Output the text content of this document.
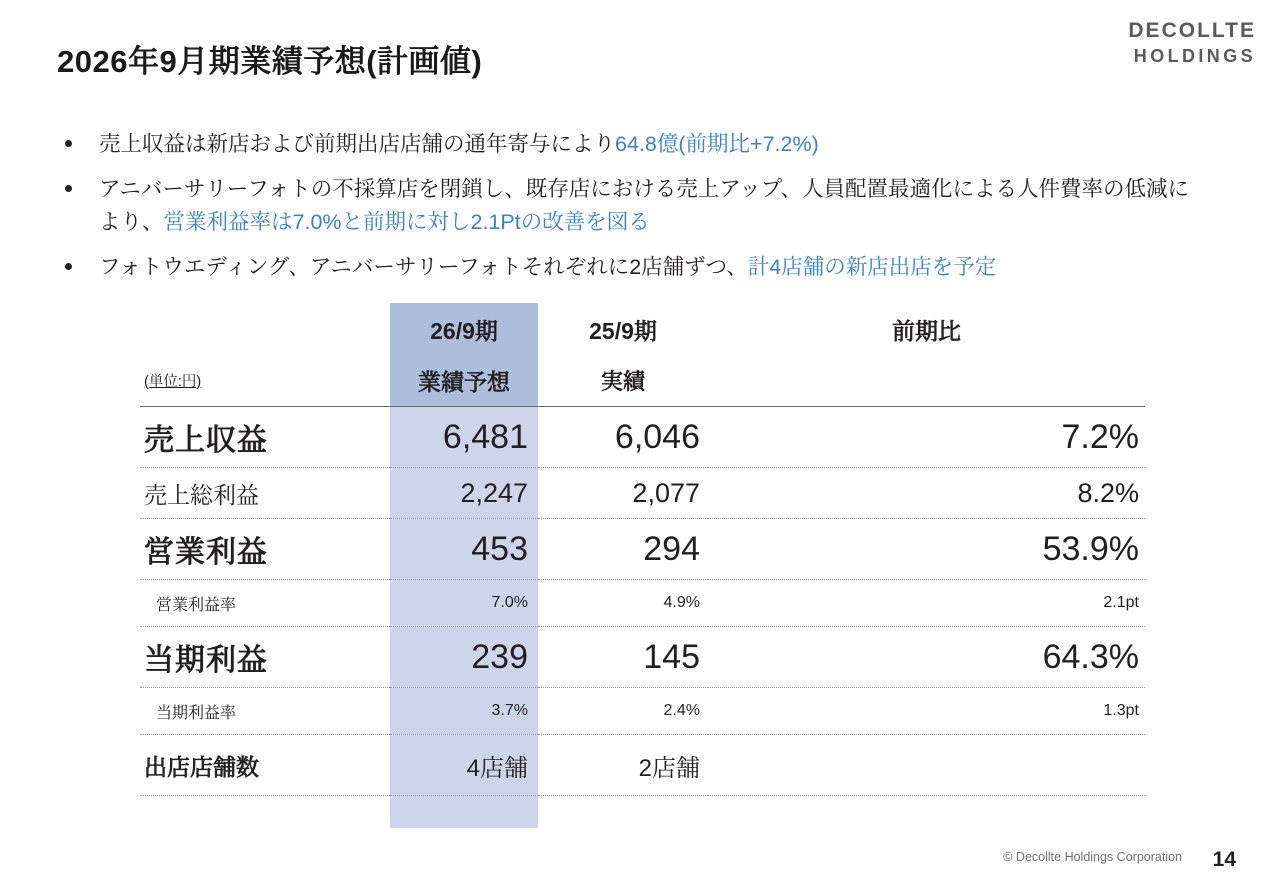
DECOLLTE
HOLDINGS
2026年9月期業績予想(計画値)
売上収益は新店および前期出店店舗の通年寄与により64.8億(前期比+7.2%)
アニバーサリーフォトの不採算店を閉鎖し、既存店における売上アップ、人員配置最適化による人件費率の低減により、営業利益率は7.0%と前期に対し2.1Ptの改善を図る
フォトウエディング、アニバーサリーフォトそれぞれに2店舗ずつ、計4店舗の新店出店を予定
	26/9期	25/9期	前期比
(単位:円)	業績予想	実績	
売上収益	6,481	6,046	7.2%
売上総利益	2,247	2,077	8.2%
営業利益	453	294	53.9%
営業利益率	7.0%	4.9%	2.1pt
当期利益	239	145	64.3%
当期利益率	3.7%	2.4%	1.3pt
出店店舗数	4店舗	2店舗	
© Decollte Holdings Corporation 14
